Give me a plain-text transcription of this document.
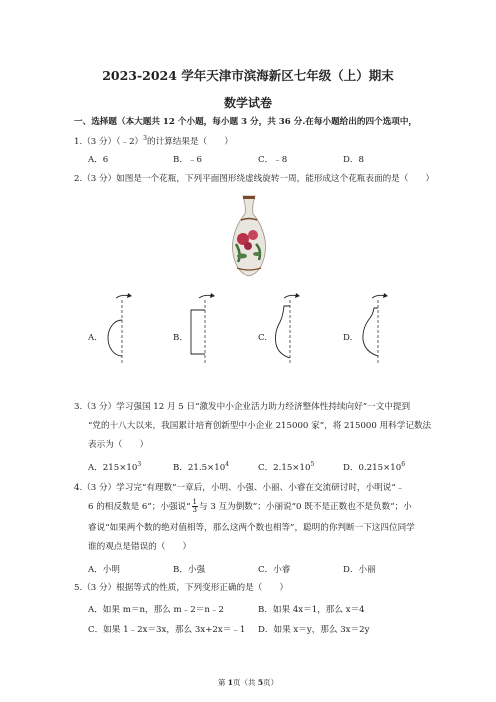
2023-2024 学年天津市滨海新区七年级（上）期末
数学试卷
一、选择题（本大题共 12 个小题，每小题 3 分，共 36 分.在每小题给出的四个选项中，
1.（3 分）（﹣2）$^3$的计算结果是（　　）
A．6	B．﹣6	C．﹣8	D．8
2.（3 分）如图是一个花瓶，下列平面图形绕虚线旋转一周，能形成这个花瓶表面的是（　　）
A.	B.	C.	D.
3.（3 分）学习强国 12 月 5 日“激发中小企业活力助力经济整体性持续向好”一文中提到
“党的十八大以来，我国累计培育创新型中小企业 215000 家”，将 215000 用科学记数法
表示为（　　）
A．$215\times 10^3$	B．$21.5\times 10^4$	C．$2.15\times 10^5$	D．$0.215\times 10^6$
4.（3 分）学习完“有理数”一章后，小明、小强、小丽、小睿在交流研讨时，小明说“﹣
6 的相反数是 6”；小强说“ $\frac{1}{3}$ 与 3 互为倒数”；小丽说“0 既不是正数也不是负数”；小
睿说“如果两个数的绝对值相等，那么这两个数也相等”，聪明的你判断一下这四位同学
谁的观点是错误的（　　）
A．小明	B．小强	C．小睿	D．小丽
5.（3 分）根据等式的性质，下列变形正确的是（　　）
A．如果 m＝n，那么 m﹣2＝n﹣2	B．如果 4x＝1，那么 x＝4
C．如果 1﹣2x＝3x，那么 3x+2x＝﹣1 D．如果 x＝y，那么 3x＝2y
第 1页（共 5页）
